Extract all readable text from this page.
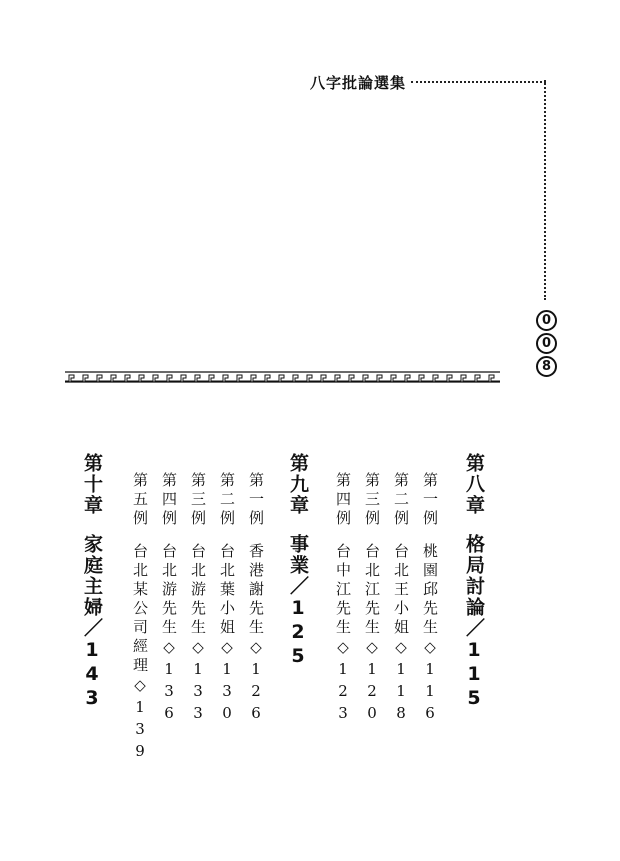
八字批論選集
0
0
8
第八章格局討論／115
第一例桃園邱先生◇116
第二例台北王小姐◇118
第三例台北江先生◇120
第四例台中江先生◇123
第九章事業／125
第一例香港謝先生◇126
第二例台北葉小姐◇130
第三例台北游先生◇133
第四例台北游先生◇136
第五例台北某公司經理◇139
第十章家庭主婦／143
